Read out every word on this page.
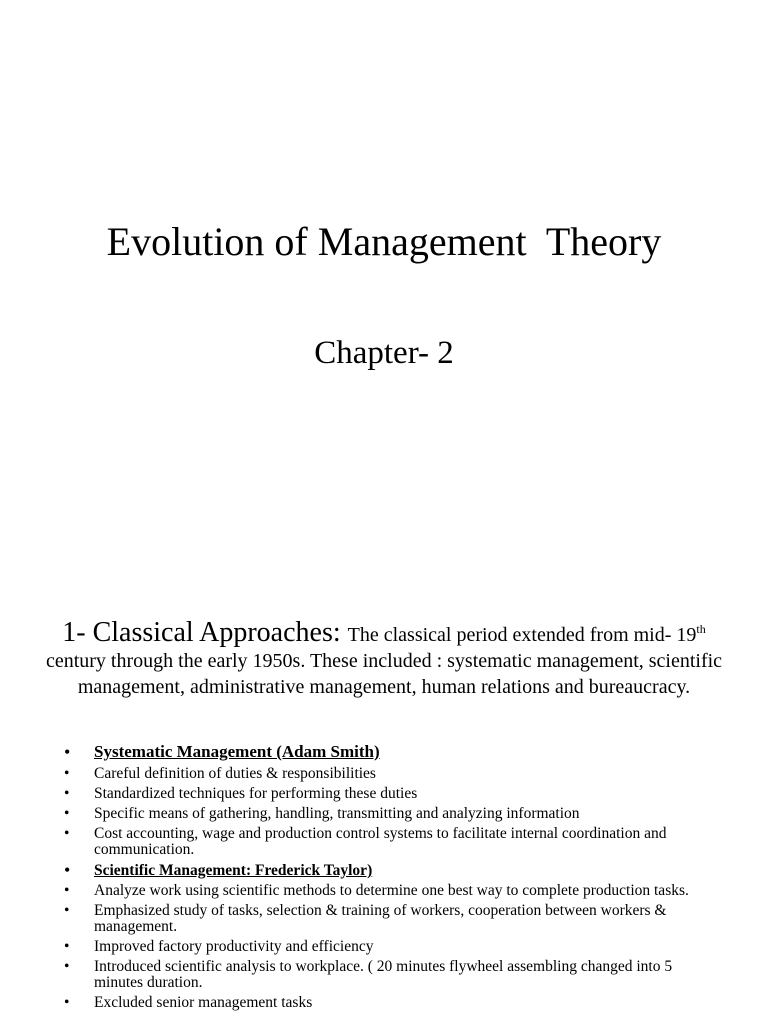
Evolution of Management  Theory
Chapter- 2
1- Classical Approaches: The classical period extended from mid- 19th century through the early 1950s. These included : systematic management, scientific management, administrative management, human relations and bureaucracy.
•	Systematic Management (Adam Smith)
•	Careful definition of duties & responsibilities
•	Standardized techniques for performing these duties
•	Specific means of gathering, handling, transmitting and analyzing information
•	Cost accounting, wage and production control systems to facilitate internal coordination and communication.
•	Scientific Management: Frederick Taylor)
•	Analyze work using scientific methods to determine one best way to complete production tasks.
•	Emphasized study of tasks, selection & training of workers, cooperation between workers & management.
•	Improved factory productivity and efficiency
•	Introduced scientific analysis to workplace. ( 20 minutes flywheel assembling changed into 5 minutes duration.
•	Excluded senior management tasks
